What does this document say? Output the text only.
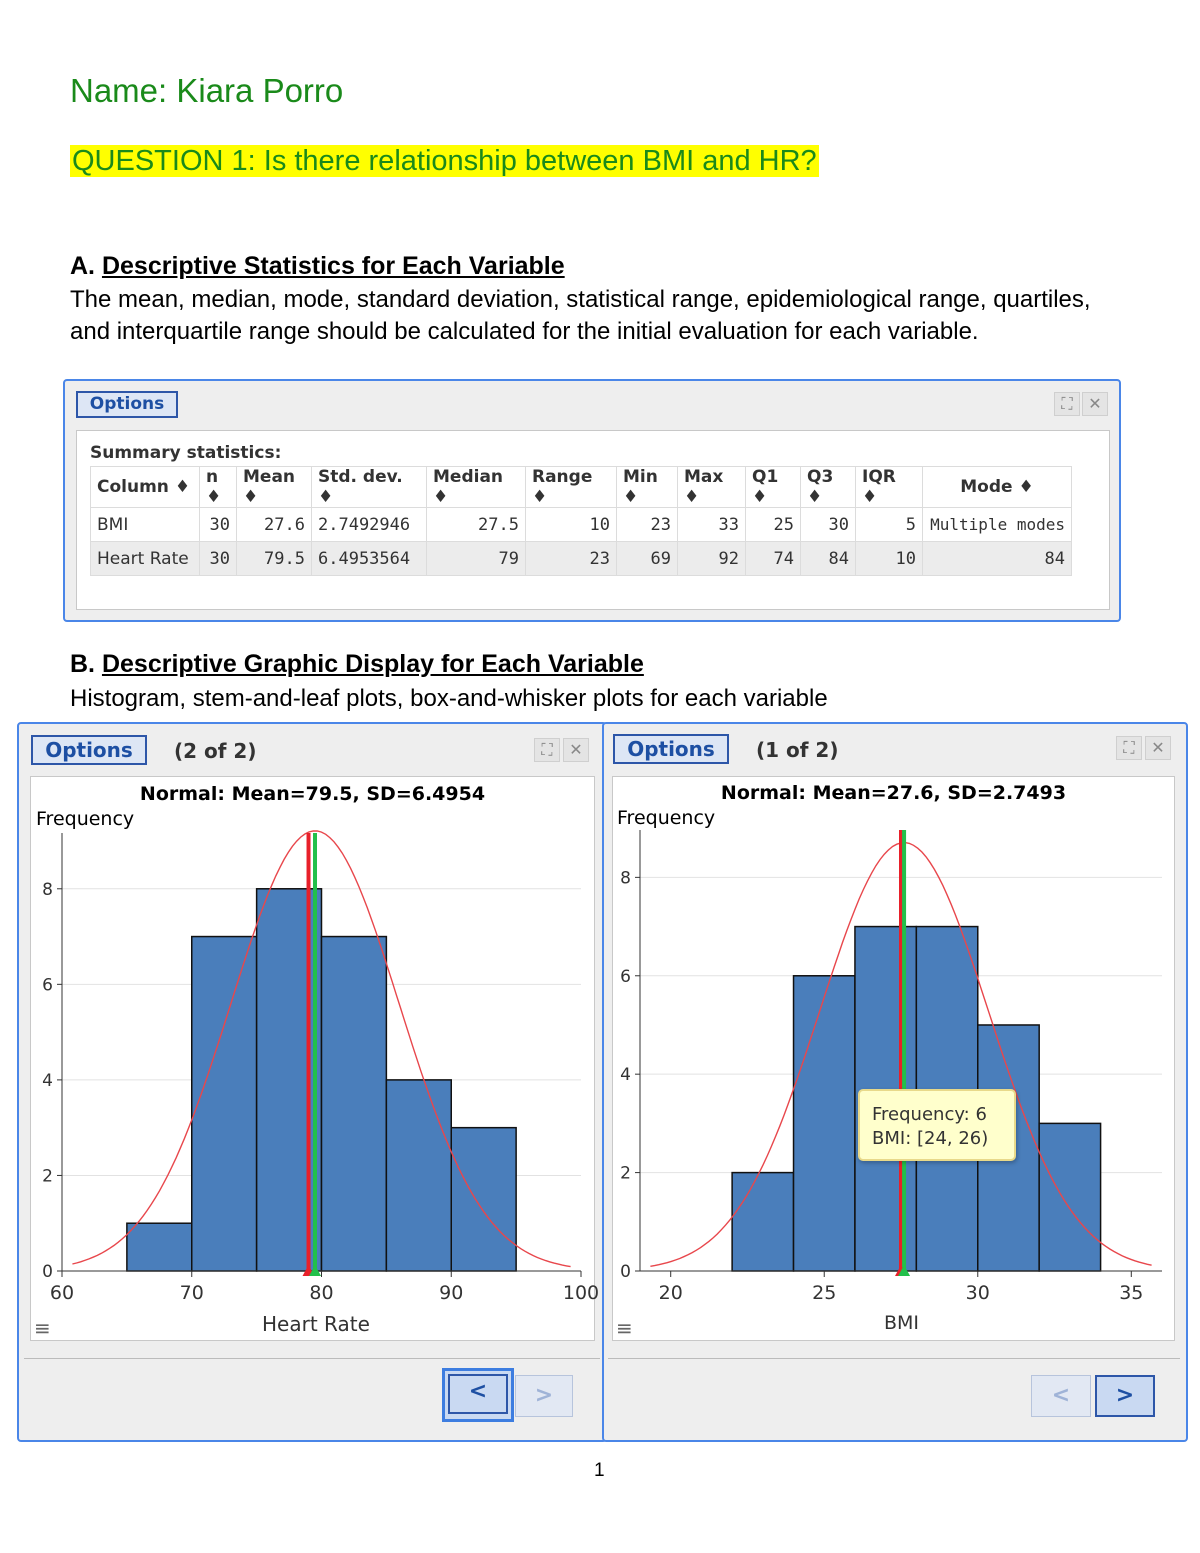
Name: Kiara Porro
QUESTION 1: Is there relationship between BMI and HR?
A. Descriptive Statistics for Each Variable
The mean, median, mode, standard deviation, statistical range, epidemiological range, quartiles, and interquartile range should be calculated for the initial evaluation for each variable.
Options	⛶ ✕
Summary statistics:
Column ♦	n ♦	Mean ♦	Std. dev. ♦	Median ♦	Range ♦	Min ♦	Max ♦	Q1 ♦	Q3 ♦	IQR ♦	Mode ♦
BMI	30	27.6	2.7492946	27.5	10	23	33	25	30	5	Multiple modes
Heart Rate	30	79.5	6.4953564	79	23	69	92	74	84	10	84
B. Descriptive Graphic Display for Each Variable
Histogram, stem-and-leaf plots, box-and-whisker plots for each variable
Options	(2 of 2)	⛶	✕
Normal: Mean=79.5, SD=6.4954
Frequency
0
2
4
6
8
60	70	80	90	100
Heart Rate
≡
<	>
Options	(1 of 2)	⛶	✕
Normal: Mean=27.6, SD=2.7493
Frequency
0
2
4
6
8
20	25	30	35
BMI
≡
Frequency: 6
BMI: [24, 26)
<	>
1
